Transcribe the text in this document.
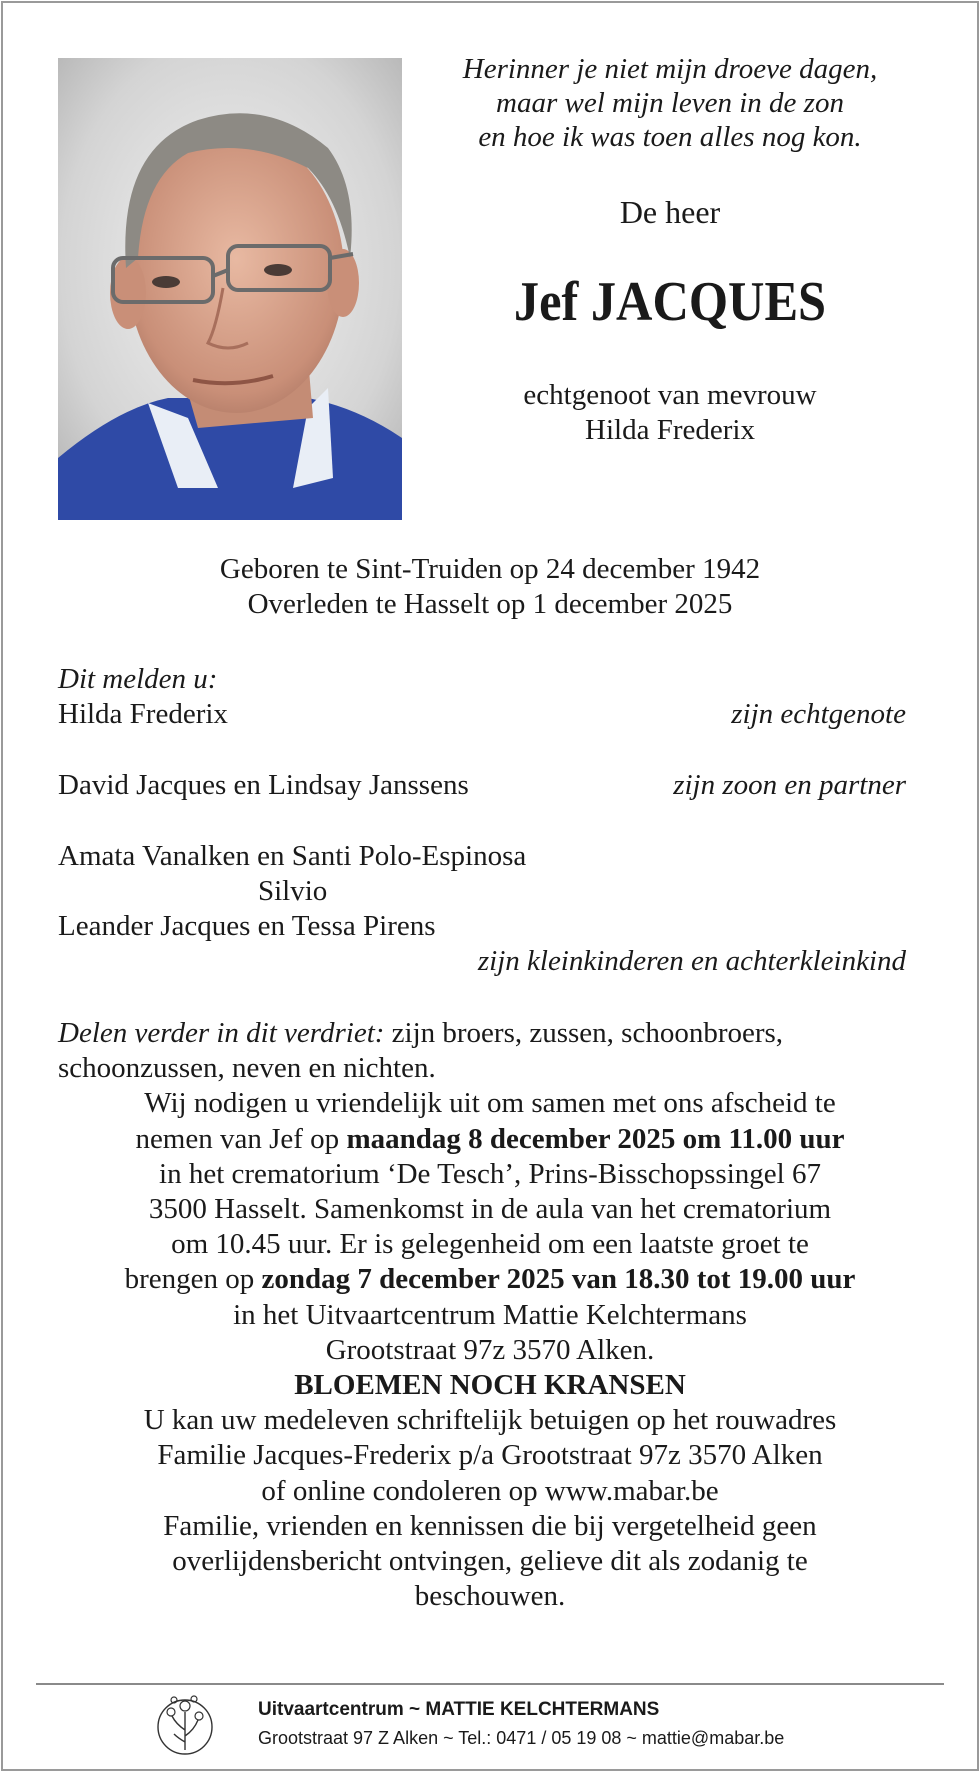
Herinner je niet mijn droeve dagen,
maar wel mijn leven in de zon
en hoe ik was toen alles nog kon.
De heer
Jef JACQUES
echtgenoot van mevrouw
Hilda Frederix
Geboren te Sint-Truiden op 24 december 1942
Overleden te Hasselt op 1 december 2025
Dit melden u:
Hilda Frederix	zijn echtgenote
David Jacques en Lindsay Janssens	zijn zoon en partner
Amata Vanalken en Santi Polo-Espinosa
Silvio
Leander Jacques en Tessa Pirens
zijn kleinkinderen en achterkleinkind
Delen verder in dit verdriet: zijn broers, zussen, schoonbroers,
schoonzussen, neven en nichten.
Wij nodigen u vriendelijk uit om samen met ons afscheid te
nemen van Jef op maandag 8 december 2025 om 11.00 uur
in het crematorium ‘De Tesch’, Prins-Bisschopssingel 67
3500 Hasselt. Samenkomst in de aula van het crematorium
om 10.45 uur. Er is gelegenheid om een laatste groet te
brengen op zondag 7 december 2025 van 18.30 tot 19.00 uur
in het Uitvaartcentrum Mattie Kelchtermans
Grootstraat 97z 3570 Alken.
BLOEMEN NOCH KRANSEN
U kan uw medeleven schriftelijk betuigen op het rouwadres
Familie Jacques-Frederix p/a Grootstraat 97z 3570 Alken
of online condoleren op www.mabar.be
Familie, vrienden en kennissen die bij vergetelheid geen
overlijdensbericht ontvingen, gelieve dit als zodanig te
beschouwen.
Uitvaartcentrum ~ MATTIE KELCHTERMANS
Grootstraat 97 Z Alken ~ Tel.: 0471 / 05 19 08 ~ mattie@mabar.be
